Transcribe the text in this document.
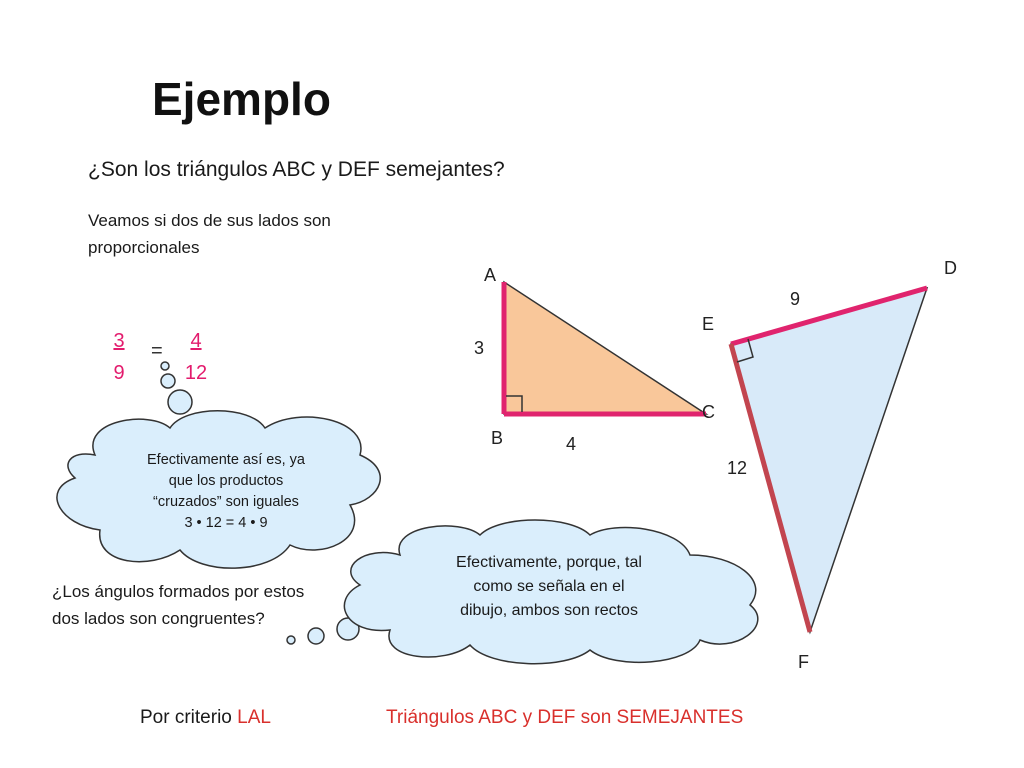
Ejemplo
¿Son los triángulos ABC y DEF semejantes?
Veamos si dos de sus lados son proporcionales
3
9
=	4
12
A
B
C
3
4
D
E
F
9
12
Efectivamente así es, ya
que los productos
“cruzados” son iguales
3 • 12 = 4 • 9
Efectivamente, porque, tal
como se señala en el
dibujo, ambos son rectos
¿Los ángulos formados por estos dos lados son congruentes?
Por criterio LAL	Triángulos ABC y DEF son SEMEJANTES
